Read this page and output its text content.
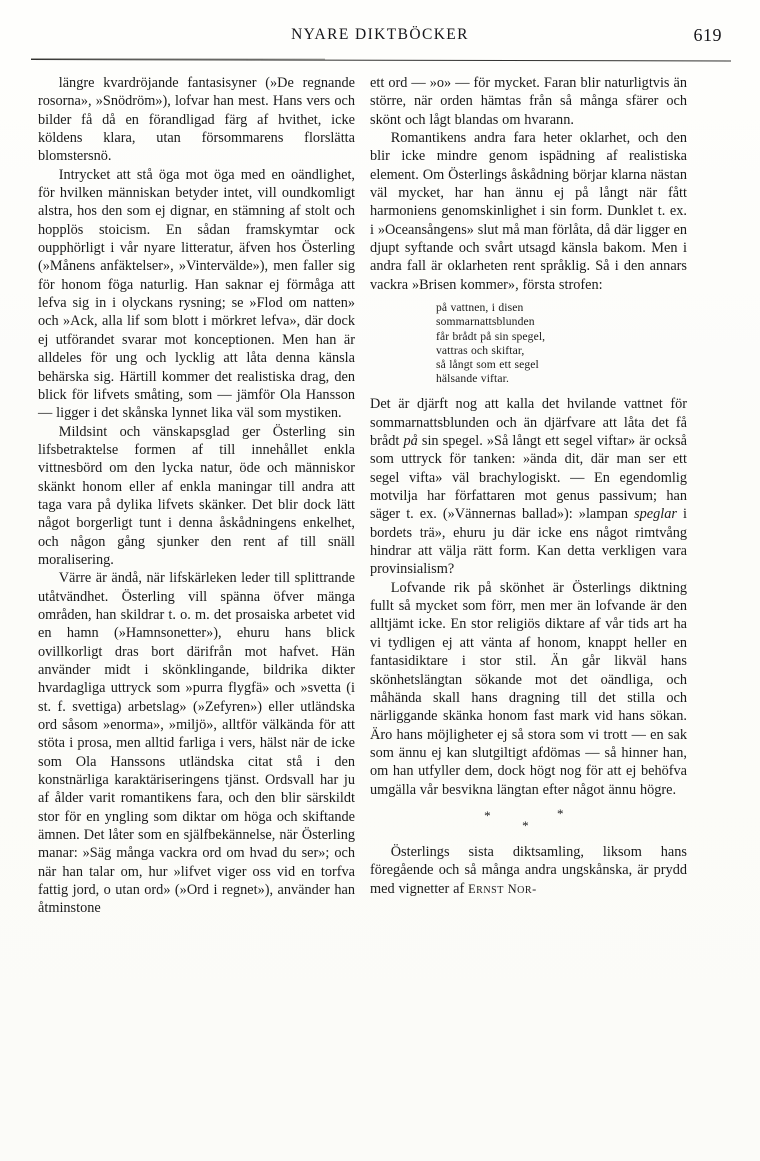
NYARE DIKTBÖCKER	619

längre kvardröjande fantasisyner (»De regnande rosorna», »Snödröm»), lofvar han mest. Hans vers och bilder få då en förandligad färg af hvithet, icke köldens klara, utan försommarens florslätta blomstersnö.

Intrycket att stå öga mot öga med en oändlighet, för hvilken människan betyder intet, vill oundkomligt alstra, hos den som ej dignar, en stämning af stolt och hopplös stoicism. En sådan framskymtar ock oupphörligt i vår nyare litteratur, äfven hos Österling (»Månens anfäktelser», »Vintervälde»), men faller sig för honom föga naturlig. Han saknar ej förmåga att lefva sig in i olyckans rysning; se »Flod om natten» och »Ack, alla lif som blott i mörkret lefva», där dock ej utförandet svarar mot konceptionen. Men han är alldeles för ung och lycklig att låta denna känsla behärska sig. Härtill kommer det realistiska drag, den blick för lifvets småting, som — jämför Ola Hansson — ligger i det skånska lynnet lika väl som mystiken.

Mildsint och vänskapsglad ger Österling sin lifsbetraktelse formen af till innehållet enkla vittnesbörd om den lycka natur, öde och människor skänkt honom eller af enkla maningar till andra att taga vara på dylika lifvets skänker. Det blir dock lätt något borgerligt tunt i denna åskådningens enkelhet, och någon gång sjunker den rent af till snäll moralisering.

Värre är ändå, när lifskärleken leder till splittrande utåtvändhet. Österling vill spänna öfver mänga områden, han skildrar t. o. m. det prosaiska arbetet vid en hamn (»Hamnsonetter»), ehuru hans blick ovillkorligt dras bort därifrån mot hafvet. Hän använder midt i skönklingande, bildrika dikter hvardagliga uttryck som »purra flygfä» och »svetta (i st. f. svettiga) arbetslag» (»Zefyren») eller utländska ord såsom »enorma», »miljö», alltför välkända för att stöta i prosa, men alltid farliga i vers, hälst när de icke som Ola Hanssons utländska citat stå i den konstnärliga karaktäriseringens tjänst. Ordsvall har ju af ålder varit romantikens fara, och den blir särskildt stor för en yngling som diktar om höga och skiftande ämnen. Det låter som en själfbekännelse, när Österling manar: »Säg många vackra ord om hvad du ser»; och när han talar om, hur »lifvet viger oss vid en torfva fattig jord, o utan ord» (»Ord i regnet»), använder han åtminstone

ett ord — »o» — för mycket. Faran blir naturligtvis än större, när orden hämtas från så många sfärer och skönt och lågt blandas om hvarann.

Romantikens andra fara heter oklarhet, och den blir icke mindre genom ispädning af realistiska element. Om Österlings åskådning börjar klarna nästan väl mycket, har han ännu ej på långt när fått harmoniens genomskinlighet i sin form. Dunklet t. ex. i »Oceansångens» slut må man förlåta, då där ligger en djupt syftande och svårt utsagd känsla bakom. Men i andra fall är oklarheten rent språklig. Så i den annars vackra »Brisen kommer», första strofen:

på vattnen, i disen
sommarnattsblunden
får brådt på sin spegel,
vattras och skiftar,
så långt som ett segel
hälsande viftar.

Det är djärft nog att kalla det hvilande vattnet för sommarnattsblunden och än djärfvare att låta det få brådt på sin spegel. »Så långt ett segel viftar» är också som uttryck för tanken: »ända dit, där man ser ett segel vifta» väl brachylogiskt. — En egendomlig motvilja har författaren mot genus passivum; han säger t. ex. (»Vännernas ballad»): »lampan speglar i bordets trä», ehuru ju där icke ens något rimtvång hindrar att välja rätt form. Kan detta verkligen vara provinsialism?

Lofvande rik på skönhet är Österlings diktning fullt så mycket som förr, men mer än lofvande är den alltjämt icke. En stor religiös diktare af vår tids art ha vi tydligen ej att vänta af honom, knappt heller en fantasidiktare i stor stil. Än går likväl hans skönhetslängtan sökande mot det oändliga, och måhända skall hans dragning till det stilla och närliggande skänka honom fast mark vid hans sökan. Äro hans möjligheter ej så stora som vi trott — en sak som ännu ej kan slutgiltigt afdömas — så hinner han, om han utfyller dem, dock högt nog för att ej behöfva umgälla vår besvikna längtan efter något ännu högre.

*
*
*

Österlings sista diktsamling, liksom hans föregående och så många andra ungskånska, är prydd med vignetter af ERNST NOR-
